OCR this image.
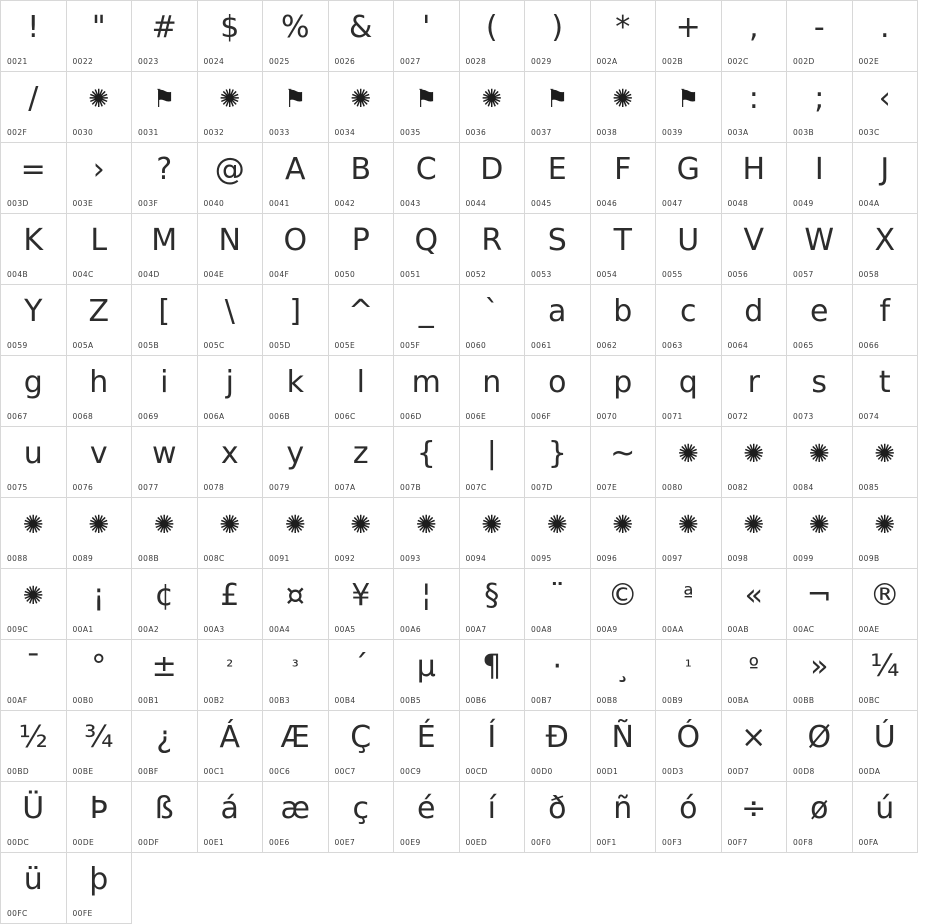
!
0021
"
0022
#
0023
$
0024
%
0025
&
0026
'
0027
(
0028
)
0029
*
002A
+
002B
,
002C
-
002D
.
002E
/
002F
✺
0030
⚑
0031
✺
0032
⚑
0033
✺
0034
⚑
0035
✺
0036
⚑
0037
✺
0038
⚑
0039
:
003A
;
003B
‹
003C
=
003D
›
003E
?
003F
@
0040
A
0041
B
0042
C
0043
D
0044
E
0045
F
0046
G
0047
H
0048
I
0049
J
004A
K
004B
L
004C
M
004D
N
004E
O
004F
P
0050
Q
0051
R
0052
S
0053
T
0054
U
0055
V
0056
W
0057
X
0058
Y
0059
Z
005A
[
005B
\
005C
]
005D
^
005E
_
005F
`
0060
a
0061
b
0062
c
0063
d
0064
e
0065
f
0066
g
0067
h
0068
i
0069
j
006A
k
006B
l
006C
m
006D
n
006E
o
006F
p
0070
q
0071
r
0072
s
0073
t
0074
u
0075
v
0076
w
0077
x
0078
y
0079
z
007A
{
007B
|
007C
}
007D
~
007E
✺
0080
✺
0082
✺
0084
✺
0085
✺
0088
✺
0089
✺
008B
✺
008C
✺
0091
✺
0092
✺
0093
✺
0094
✺
0095
✺
0096
✺
0097
✺
0098
✺
0099
✺
009B
✺
009C
¡
00A1
¢
00A2
£
00A3
¤
00A4
¥
00A5
¦
00A6
§
00A7
¨
00A8
©
00A9
ª
00AA
«
00AB
¬
00AC
®
00AE
¯
00AF
°
00B0
±
00B1
²
00B2
³
00B3
´
00B4
µ
00B5
¶
00B6
·
00B7
¸
00B8
¹
00B9
º
00BA
»
00BB
¼
00BC
½
00BD
¾
00BE
¿
00BF
Á
00C1
Æ
00C6
Ç
00C7
É
00C9
Í
00CD
Ð
00D0
Ñ
00D1
Ó
00D3
×
00D7
Ø
00D8
Ú
00DA
Ü
00DC
Þ
00DE
ß
00DF
á
00E1
æ
00E6
ç
00E7
é
00E9
í
00ED
ð
00F0
ñ
00F1
ó
00F3
÷
00F7
ø
00F8
ú
00FA
ü
00FC
þ
00FE
